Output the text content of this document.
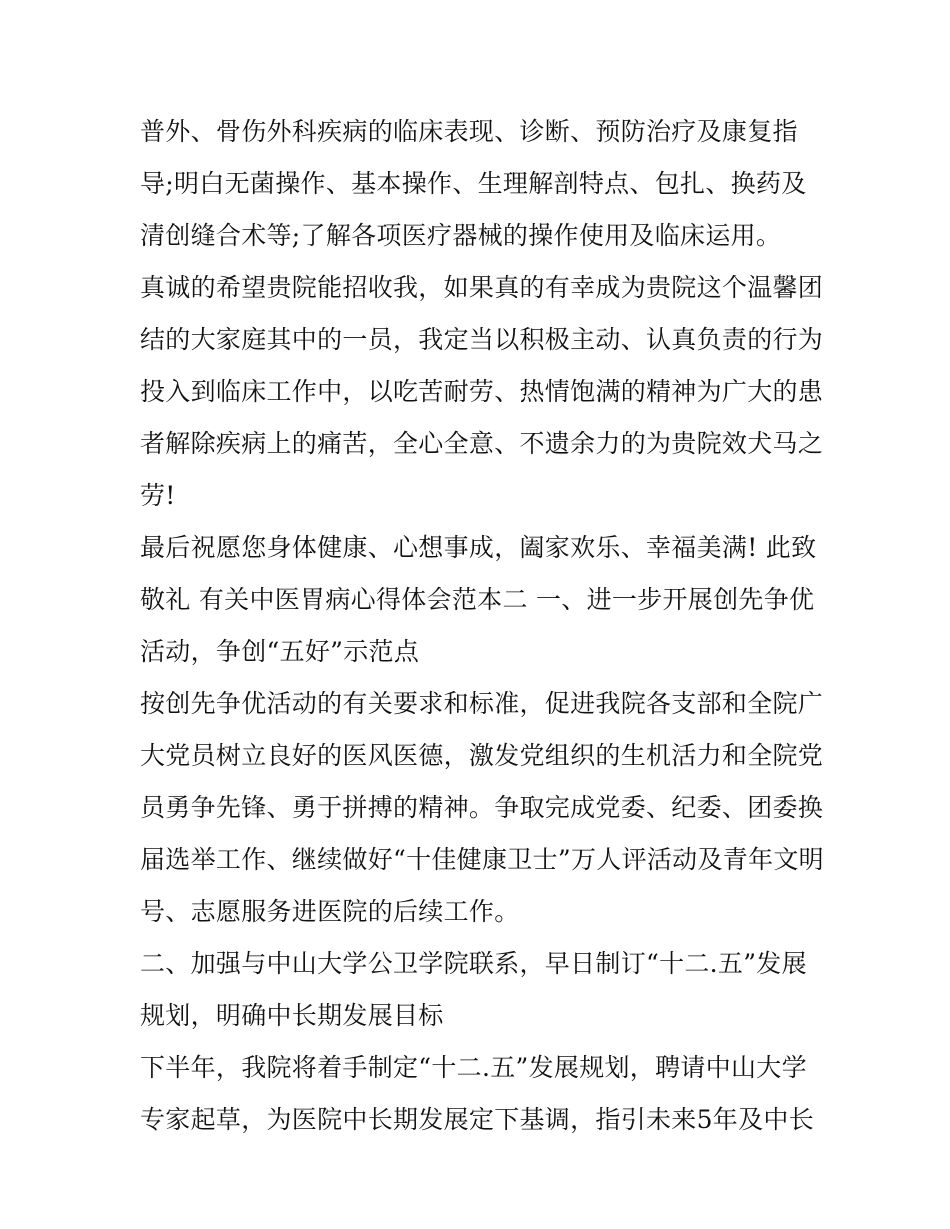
普外、骨伤外科疾病的临床表现、诊断、预防治疗及康复指
导;明白无菌操作、基本操作、生理解剖特点、包扎、换药及
清创缝合术等;了解各项医疗器械的操作使用及临床运用。
真诚的希望贵院能招收我，如果真的有幸成为贵院这个温馨团
结的大家庭其中的一员，我定当以积极主动、认真负责的行为
投入到临床工作中，以吃苦耐劳、热情饱满的精神为广大的患
者解除疾病上的痛苦，全心全意、不遗余力的为贵院效犬马之
劳!
最后祝愿您身体健康、心想事成，阖家欢乐、幸福美满! 此致
敬礼 有关中医胃病心得体会范本二 一、进一步开展创先争优
活动，争创“五好”示范点
按创先争优活动的有关要求和标准，促进我院各支部和全院广
大党员树立良好的医风医德，激发党组织的生机活力和全院党
员勇争先锋、勇于拼搏的精神。争取完成党委、纪委、团委换
届选举工作、继续做好“十佳健康卫士”万人评活动及青年文明
号、志愿服务进医院的后续工作。
二、加强与中山大学公卫学院联系，早日制订“十二.五”发展
规划，明确中长期发展目标
下半年，我院将着手制定“十二.五”发展规划，聘请中山大学
专家起草，为医院中长期发展定下基调，指引未来5年及中长
